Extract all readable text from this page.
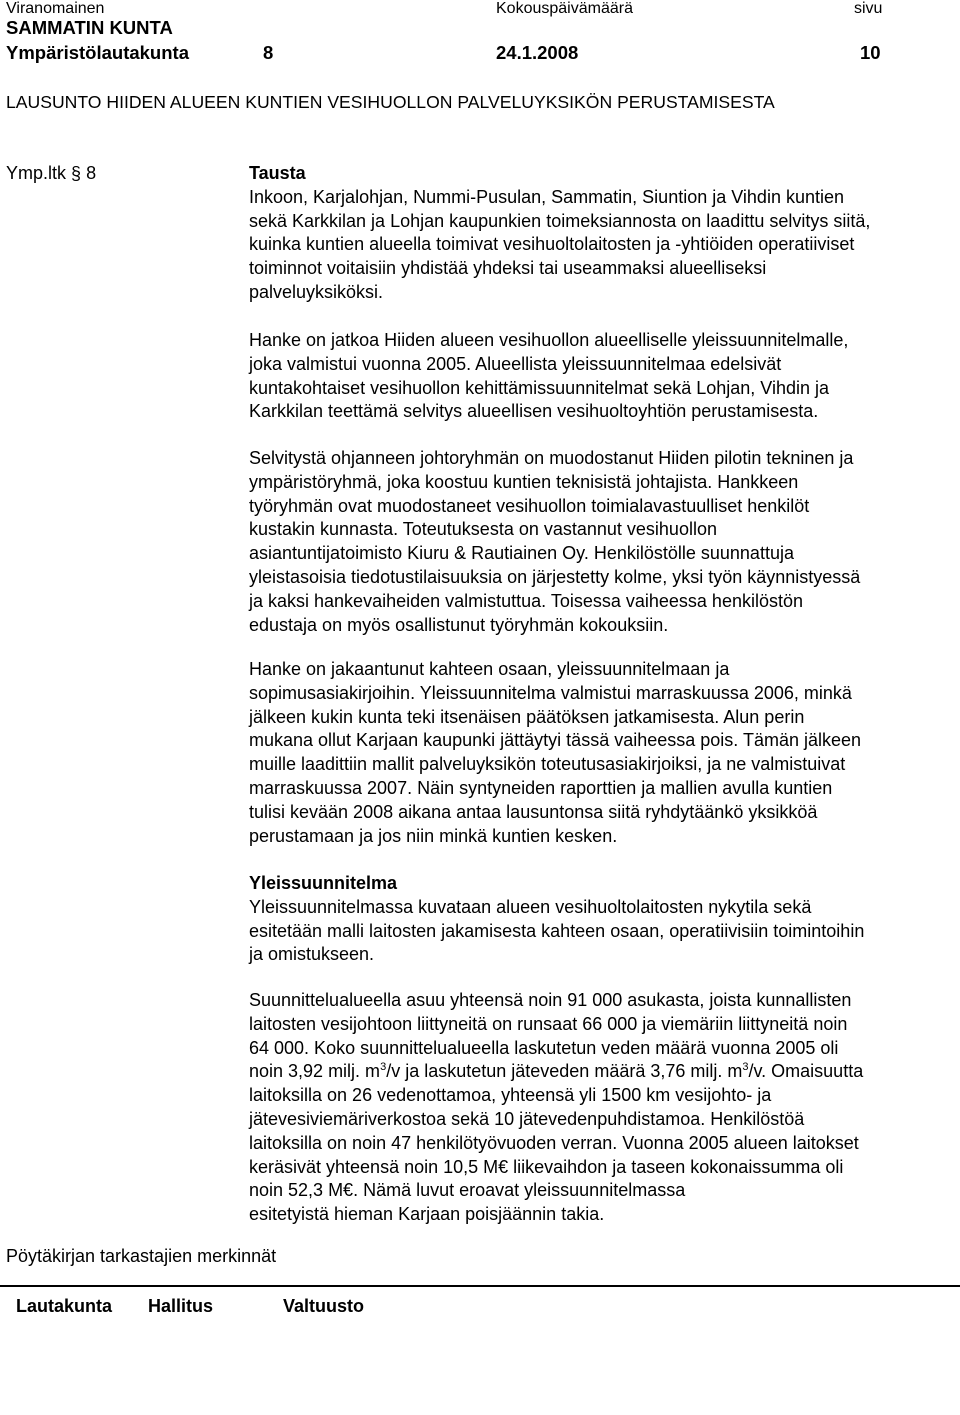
Viranomainen	Kokouspäivämäärä	sivu
SAMMATIN KUNTA
Ympäristölautakunta	8	24.1.2008	10
LAUSUNTO HIIDEN ALUEEN KUNTIEN VESIHUOLLON PALVELUYKSIKÖN PERUSTAMISESTA
Ymp.ltk § 8	Tausta
Inkoon, Karjalohjan, Nummi-Pusulan, Sammatin, Siuntion ja Vihdin kuntien
sekä Karkkilan ja Lohjan kaupunkien toimeksiannosta on laadittu selvitys siitä,
kuinka kuntien alueella toimivat vesihuoltolaitosten ja -yhtiöiden operatiiviset
toiminnot voitaisiin yhdistää yhdeksi tai useammaksi alueelliseksi
palveluyksiköksi.
Hanke on jatkoa Hiiden alueen vesihuollon alueelliselle yleissuunnitelmalle,
joka valmistui vuonna 2005. Alueellista yleissuunnitelmaa edelsivät
kuntakohtaiset vesihuollon kehittämissuunnitelmat sekä Lohjan, Vihdin ja
Karkkilan teettämä selvitys alueellisen vesihuoltoyhtiön perustamisesta.
Selvitystä ohjanneen johtoryhmän on muodostanut Hiiden pilotin tekninen ja
ympäristöryhmä, joka koostuu kuntien teknisistä johtajista. Hankkeen
työryhmän ovat muodostaneet vesihuollon toimialavastuulliset henkilöt
kustakin kunnasta. Toteutuksesta on vastannut vesihuollon
asiantuntijatoimisto Kiuru & Rautiainen Oy. Henkilöstölle suunnattuja
yleistasoisia tiedotustilaisuuksia on järjestetty kolme, yksi työn käynnistyessä
ja kaksi hankevaiheiden valmistuttua. Toisessa vaiheessa henkilöstön
edustaja on myös osallistunut työryhmän kokouksiin.
Hanke on jakaantunut kahteen osaan, yleissuunnitelmaan ja
sopimusasiakirjoihin. Yleissuunnitelma valmistui marraskuussa 2006, minkä
jälkeen kukin kunta teki itsenäisen päätöksen jatkamisesta. Alun perin
mukana ollut Karjaan kaupunki jättäytyi tässä vaiheessa pois. Tämän jälkeen
muille laadittiin mallit palveluyksikön toteutusasiakirjoiksi, ja ne valmistuivat
marraskuussa 2007. Näin syntyneiden raporttien ja mallien avulla kuntien
tulisi kevään 2008 aikana antaa lausuntonsa siitä ryhdytäänkö yksikköä
perustamaan ja jos niin minkä kuntien kesken.
Yleissuunnitelma
Yleissuunnitelmassa kuvataan alueen vesihuoltolaitosten nykytila sekä
esitetään malli laitosten jakamisesta kahteen osaan, operatiivisiin toimintoihin
ja omistukseen.
Suunnittelualueella asuu yhteensä noin 91 000 asukasta, joista kunnallisten
laitosten vesijohtoon liittyneitä on runsaat 66 000 ja viemäriin liittyneitä noin
64 000. Koko suunnittelualueella laskutetun veden määrä vuonna 2005 oli
noin 3,92 milj. $m^3/v$ ja laskutetun jäteveden määrä 3,76 milj. $m^3/v$. Omaisuutta
laitoksilla on 26 vedenottamoa, yhteensä yli 1500 km vesijohto- ja
jätevesiviemäriverkostoa sekä 10 jätevedenpuhdistamoa. Henkilöstöä
laitoksilla on noin 47 henkilötyövuoden verran. Vuonna 2005 alueen laitokset
keräsivät yhteensä noin 10,5 M€ liikevaihdon ja taseen kokonaissumma oli
noin 52,3 M€. Nämä luvut eroavat yleissuunnitelmassa
esitetyistä hieman Karjaan poisjäännin takia.
Pöytäkirjan tarkastajien merkinnät
Lautakunta Hallitus	Valtuusto
